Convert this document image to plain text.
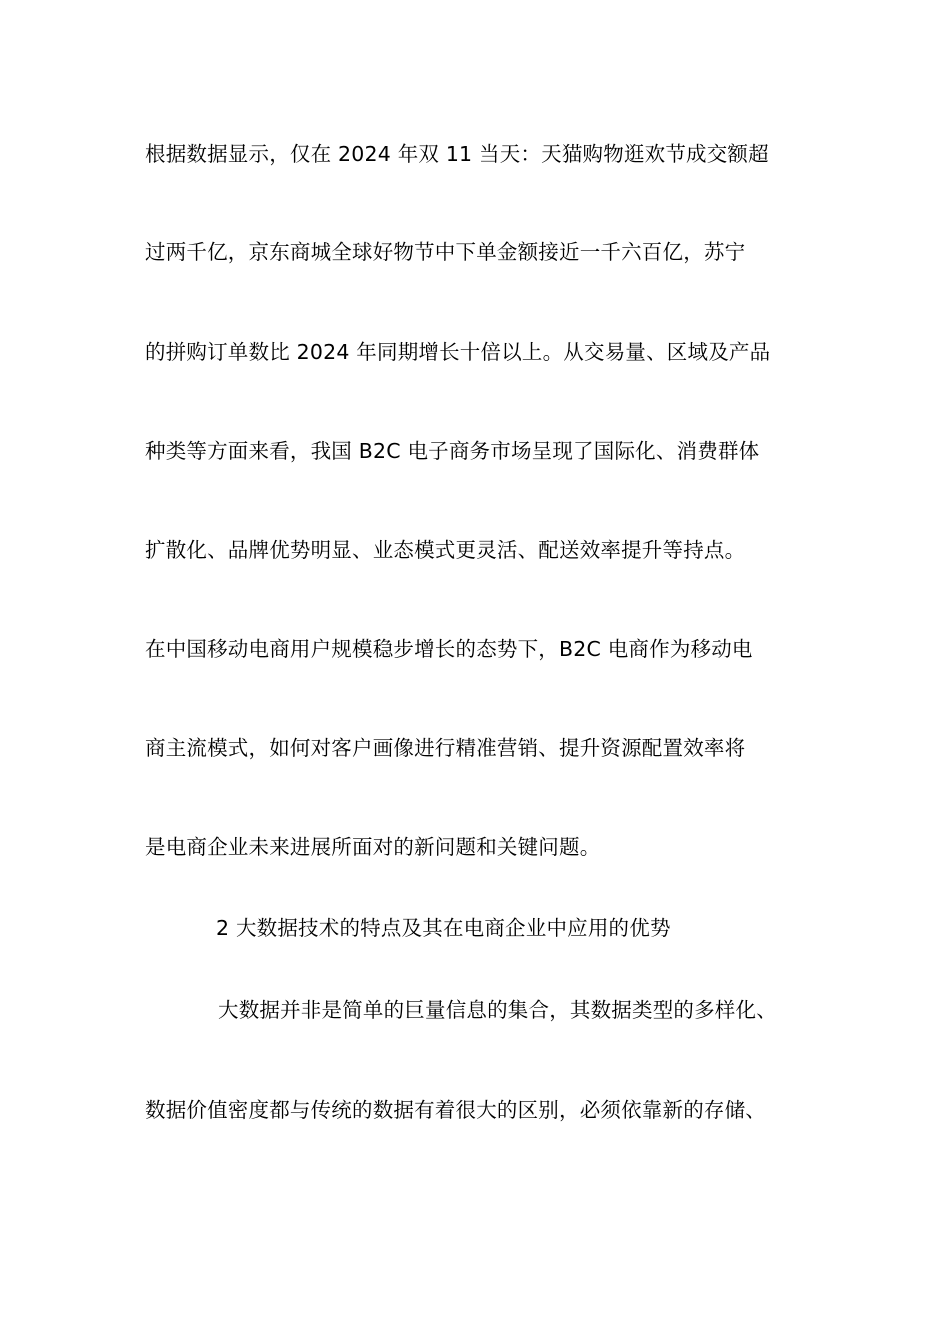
根据数据显示，仅在 2024 年双 11 当天：天猫购物逛欢节成交额超
过两千亿，京东商城全球好物节中下单金额接近一千六百亿，苏宁
的拼购订单数比 2024 年同期增长十倍以上。从交易量、区域及产品
种类等方面来看，我国 B2C 电子商务市场呈现了国际化、消费群体
扩散化、品牌优势明显、业态模式更灵活、配送效率提升等持点。
在中国移动电商用户规模稳步增长的态势下，B2C 电商作为移动电
商主流模式，如何对客户画像进行精准营销、提升资源配置效率将
是电商企业未来进展所面对的新问题和关键问题。
2 大数据技术的特点及其在电商企业中应用的优势
大数据并非是简单的巨量信息的集合，其数据类型的多样化、
数据价值密度都与传统的数据有着很大的区别，必须依靠新的存储、
